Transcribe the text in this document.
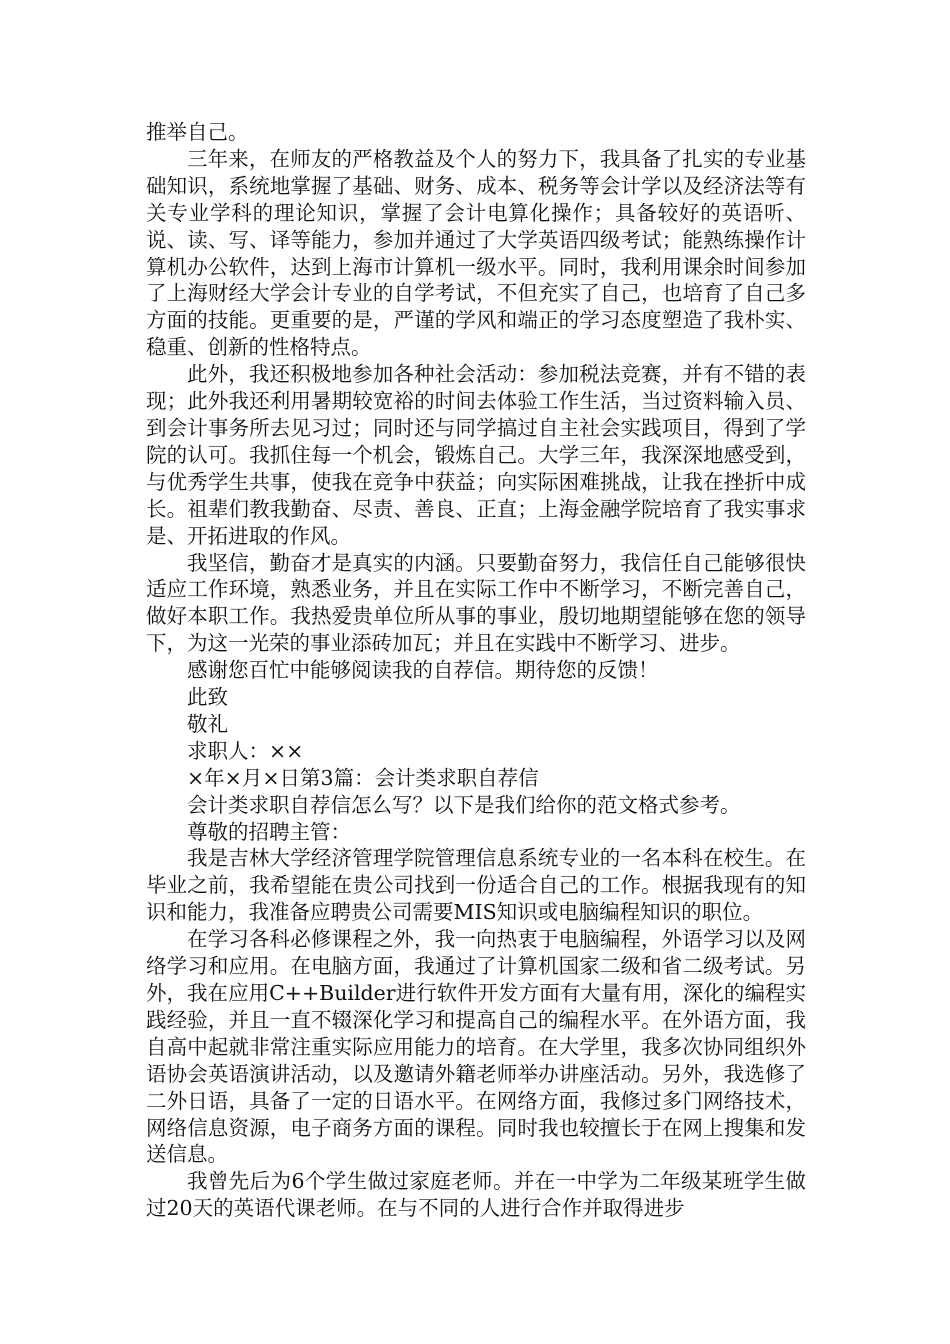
推举自己。

三年来，在师友的严格教益及个人的努力下，我具备了扎实的专业基础知识，系统地掌握了基础、财务、成本、税务等会计学以及经济法等有关专业学科的理论知识，掌握了会计电算化操作；具备较好的英语听、说、读、写、译等能力，参加并通过了大学英语四级考试；能熟练操作计算机办公软件，达到上海市计算机一级水平。同时，我利用课余时间参加了上海财经大学会计专业的自学考试，不但充实了自己，也培育了自己多方面的技能。更重要的是，严谨的学风和端正的学习态度塑造了我朴实、稳重、创新的性格特点。

此外，我还积极地参加各种社会活动：参加税法竞赛，并有不错的表现；此外我还利用暑期较宽裕的时间去体验工作生活，当过资料输入员、到会计事务所去见习过；同时还与同学搞过自主社会实践项目，得到了学院的认可。我抓住每一个机会，锻炼自己。大学三年，我深深地感受到，与优秀学生共事，使我在竞争中获益；向实际困难挑战，让我在挫折中成长。祖辈们教我勤奋、尽责、善良、正直；上海金融学院培育了我实事求是、开拓进取的作风。

我坚信，勤奋才是真实的内涵。只要勤奋努力，我信任自己能够很快适应工作环境，熟悉业务，并且在实际工作中不断学习，不断完善自己，做好本职工作。我热爱贵单位所从事的事业，殷切地期望能够在您的领导下，为这一光荣的事业添砖加瓦；并且在实践中不断学习、进步。

感谢您百忙中能够阅读我的自荐信。期待您的反馈！

此致

敬礼

求职人：××

×年×月×日第3篇：会计类求职自荐信

会计类求职自荐信怎么写？以下是我们给你的范文格式参考。

尊敬的招聘主管：

我是吉林大学经济管理学院管理信息系统专业的一名本科在校生。在毕业之前，我希望能在贵公司找到一份适合自己的工作。根据我现有的知识和能力，我准备应聘贵公司需要MIS知识或电脑编程知识的职位。

在学习各科必修课程之外，我一向热衷于电脑编程，外语学习以及网络学习和应用。在电脑方面，我通过了计算机国家二级和省二级考试。另外，我在应用C++Builder进行软件开发方面有大量有用，深化的编程实践经验，并且一直不辍深化学习和提高自己的编程水平。在外语方面，我自高中起就非常注重实际应用能力的培育。在大学里，我多次协同组织外语协会英语演讲活动，以及邀请外籍老师举办讲座活动。另外，我选修了二外日语，具备了一定的日语水平。在网络方面，我修过多门网络技术，网络信息资源，电子商务方面的课程。同时我也较擅长于在网上搜集和发送信息。

我曾先后为6个学生做过家庭老师。并在一中学为二年级某班学生做过20天的英语代课老师。在与不同的人进行合作并取得进步
